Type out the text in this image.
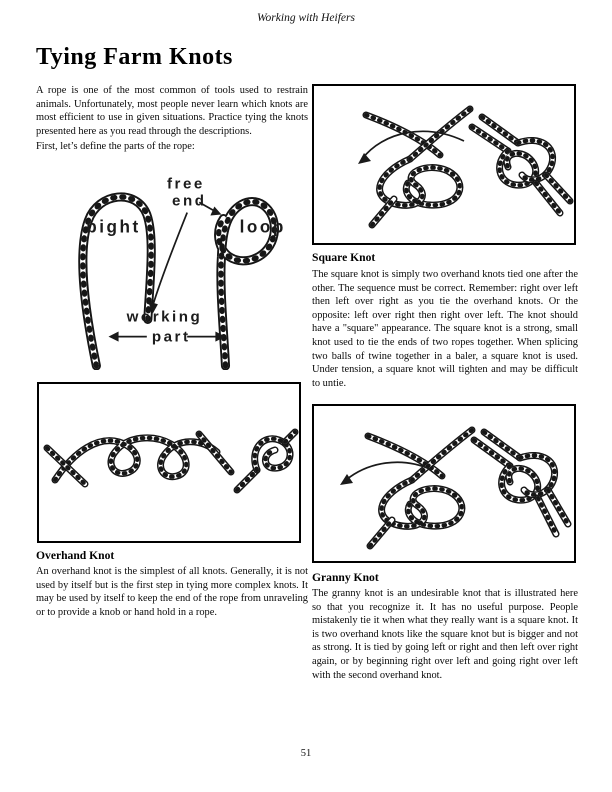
Working with Heifers
Tying Farm Knots
A rope is one of the most common of tools used to restrain animals. Unfortunately, most people never learn which knots are most efficient to use in given situations. Practice tying the knots presented here as you read through the descriptions.
First, let’s define the parts of the rope:
bight
free
end
loop
working
part
Overhand Knot
An overhand knot is the simplest of all knots. Generally, it is not used by itself but is the first step in tying more complex knots. It may be used by itself to keep the end of the rope from unraveling or to provide a knob or hand hold in a rope.
Square Knot
The square knot is simply two overhand knots tied one after the other. The sequence must be correct. Remember: right over left then left over right as you tie the overhand knots. Or the opposite: left over right then right over left. The knot should have a "square" appearance. The square knot is a strong, small knot used to tie the ends of two ropes together. When splicing two balls of twine together in a baler, a square knot is used. Under tension, a square knot will tighten and may be difficult to untie.
Granny Knot
The granny knot is an undesirable knot that is illustrated here so that you recognize it. It has no useful purpose. People mistakenly tie it when what they really want is a square knot. It is two overhand knots like the square knot but is bigger and not as strong. It is tied by going left or right and then left over right again, or by beginning right over left and going right over left with the second overhand knot.
51
